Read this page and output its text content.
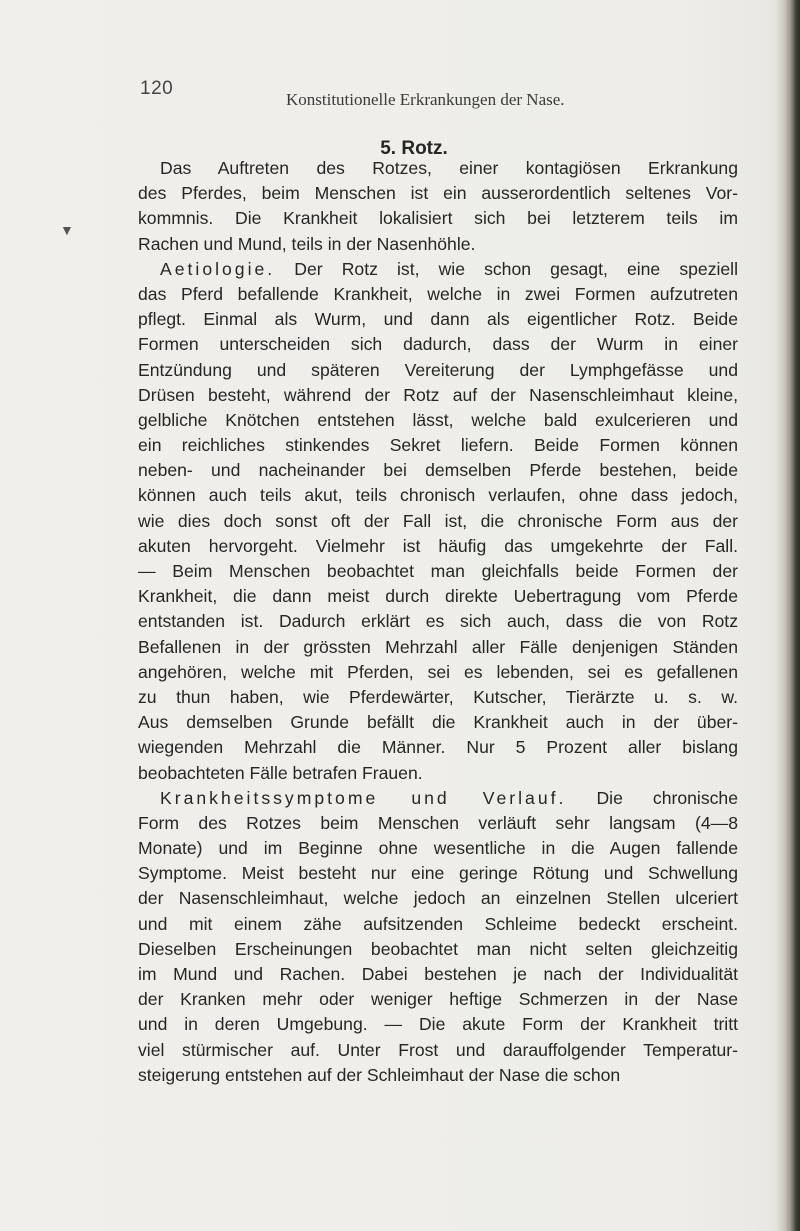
120
Konstitutionelle Erkrankungen der Nase.
5. Rotz.
▼
Das Auftreten des Rotzes, einer kontagiösen Erkrankung
des Pferdes, beim Menschen ist ein ausserordentlich seltenes Vor-
kommnis. Die Krankheit lokalisiert sich bei letzterem teils im
Rachen und Mund, teils in der Nasenhöhle.
Aetiologie. Der Rotz ist, wie schon gesagt, eine speziell
das Pferd befallende Krankheit, welche in zwei Formen aufzutreten
pflegt. Einmal als Wurm, und dann als eigentlicher Rotz. Beide
Formen unterscheiden sich dadurch, dass der Wurm in einer
Entzündung und späteren Vereiterung der Lymphgefässe und
Drüsen besteht, während der Rotz auf der Nasenschleimhaut kleine,
gelbliche Knötchen entstehen lässt, welche bald exulcerieren und
ein reichliches stinkendes Sekret liefern. Beide Formen können
neben- und nacheinander bei demselben Pferde bestehen, beide
können auch teils akut, teils chronisch verlaufen, ohne dass jedoch,
wie dies doch sonst oft der Fall ist, die chronische Form aus der
akuten hervorgeht. Vielmehr ist häufig das umgekehrte der Fall.
— Beim Menschen beobachtet man gleichfalls beide Formen der
Krankheit, die dann meist durch direkte Uebertragung vom Pferde
entstanden ist. Dadurch erklärt es sich auch, dass die von Rotz
Befallenen in der grössten Mehrzahl aller Fälle denjenigen Ständen
angehören, welche mit Pferden, sei es lebenden, sei es gefallenen
zu thun haben, wie Pferdewärter, Kutscher, Tierärzte u. s. w.
Aus demselben Grunde befällt die Krankheit auch in der über-
wiegenden Mehrzahl die Männer. Nur 5 Prozent aller bislang
beobachteten Fälle betrafen Frauen.
Krankheitssymptome und Verlauf. Die chronische
Form des Rotzes beim Menschen verläuft sehr langsam (4—8
Monate) und im Beginne ohne wesentliche in die Augen fallende
Symptome. Meist besteht nur eine geringe Rötung und Schwellung
der Nasenschleimhaut, welche jedoch an einzelnen Stellen ulceriert
und mit einem zähe aufsitzenden Schleime bedeckt erscheint.
Dieselben Erscheinungen beobachtet man nicht selten gleichzeitig
im Mund und Rachen. Dabei bestehen je nach der Individualität
der Kranken mehr oder weniger heftige Schmerzen in der Nase
und in deren Umgebung. — Die akute Form der Krankheit tritt
viel stürmischer auf. Unter Frost und darauffolgender Temperatur-
steigerung entstehen auf der Schleimhaut der Nase die schon
